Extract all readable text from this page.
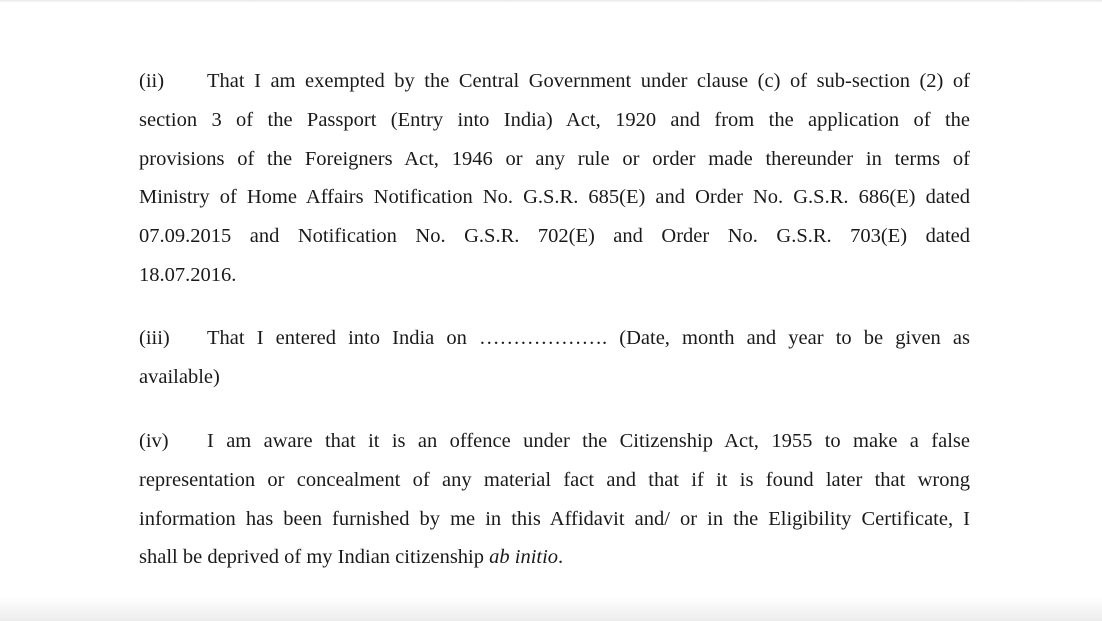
(ii) That I am exempted by the Central Government under clause (c) of sub-section (2) of
section 3 of the Passport (Entry into India) Act, 1920 and from the application of the
provisions of the Foreigners Act, 1946 or any rule or order made thereunder in terms of
Ministry of Home Affairs Notification No. G.S.R. 685(E) and Order No. G.S.R. 686(E) dated
07.09.2015 and Notification No. G.S.R. 702(E) and Order No. G.S.R. 703(E) dated
18.07.2016.
(iii) That I entered into India on ………………. (Date, month and year to be given as
available)
(iv) I am aware that it is an offence under the Citizenship Act, 1955 to make a false
representation or concealment of any material fact and that if it is found later that wrong
information has been furnished by me in this Affidavit and/ or in the Eligibility Certificate, I
shall be deprived of my Indian citizenship ab initio.
